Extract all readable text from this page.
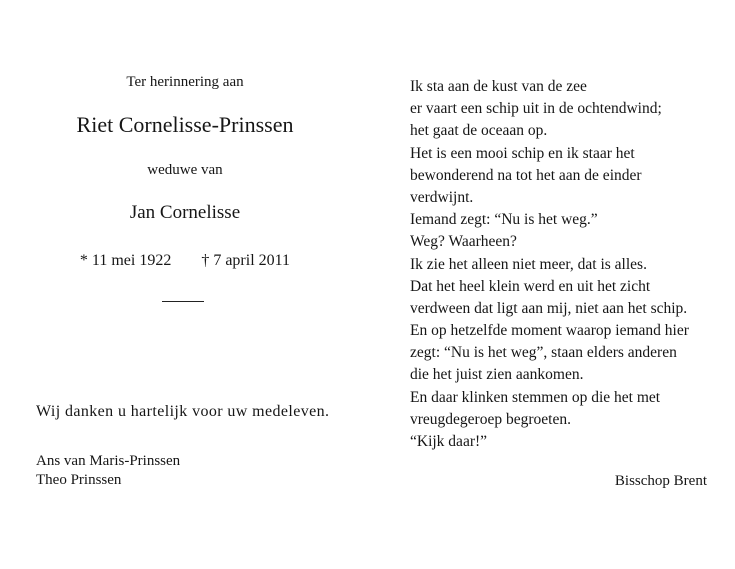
Ter herinnering aan
Riet Cornelisse-Prinssen
weduwe van
Jan Cornelisse
* 11 mei 1922 † 7 april 2011
Wij danken u hartelijk voor uw medeleven.
Ans van Maris-Prinssen
Theo Prinssen
Ik sta aan de kust van de zee
er vaart een schip uit in de ochtendwind;
het gaat de oceaan op.
Het is een mooi schip en ik staar het
bewonderend na tot het aan de einder
verdwijnt.
Iemand zegt: “Nu is het weg.”
Weg? Waarheen?
Ik zie het alleen niet meer, dat is alles.
Dat het heel klein werd en uit het zicht
verdween dat ligt aan mij, niet aan het schip.
En op hetzelfde moment waarop iemand hier
zegt: “Nu is het weg”, staan elders anderen
die het juist zien aankomen.
En daar klinken stemmen op die het met
vreugdegeroep begroeten.
“Kijk daar!”
Bisschop Brent
